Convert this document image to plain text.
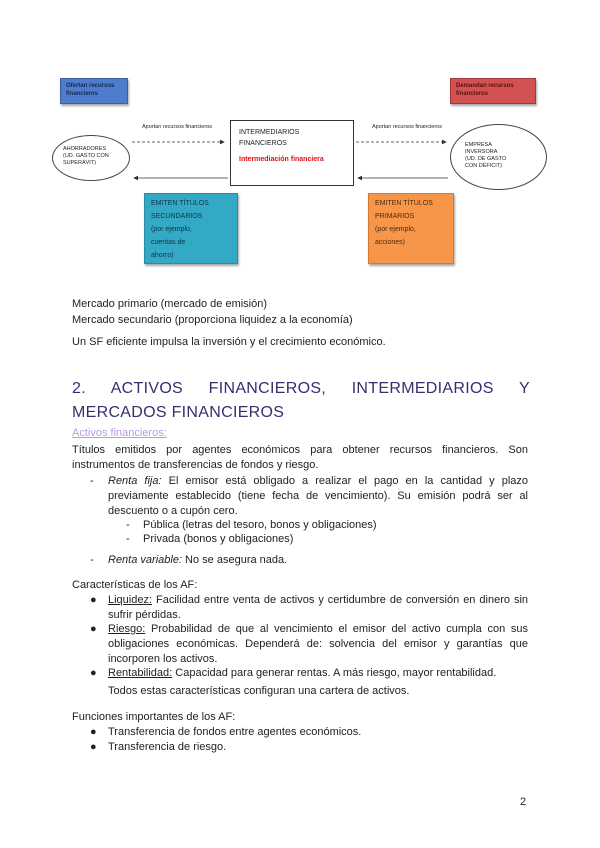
Ofertan recursos financieros
Demandan recursos financieros
AHORRADORES
(UD. GASTO CON
SUPERÁVIT)
EMPRESA
INVERSORA
(UD. DE GASTO
CON DÉFICIT)
INTERMEDIARIOS
FINANCIEROS
Intermediación financiera
Aportan recursos financieros	Aportan recursos financieros
EMITEN TÍTULOS
SECUNDARIOS
(por ejemplo,
cuentas de
ahorro)
EMITEN TÍTULOS
PRIMARIOS
(por ejemplo,
acciones)
Mercado primario (mercado de emisión)
Mercado secundario (proporciona liquidez a la economía)
Un SF eficiente impulsa la inversión y el crecimiento económico.
2. ACTIVOS FINANCIEROS, INTERMEDIARIOS Y MERCADOS FINANCIEROS
Activos financieros:
Títulos emitidos por agentes económicos para obtener recursos financieros. Son instrumentos de transferencias de fondos y riesgo.
- Renta fija: El emisor está obligado a realizar el pago en la cantidad y plazo previamente establecido (tiene fecha de vencimiento). Su emisión podrá ser al descuento o a cupón cero.
- Pública (letras del tesoro, bonos y obligaciones)
- Privada (bonos y obligaciones)
- Renta variable: No se asegura nada.
Características de los AF:
● Liquidez: Facilidad entre venta de activos y certidumbre de conversión en dinero sin sufrir pérdidas.
● Riesgo: Probabilidad de que al vencimiento el emisor del activo cumpla con sus obligaciones económicas. Dependerá de: solvencia del emisor y garantías que incorporen los activos.
● Rentabilidad: Capacidad para generar rentas. A más riesgo, mayor rentabilidad.
Todos estas características configuran una cartera de activos.
Funciones importantes de los AF:
● Transferencia de fondos entre agentes económicos.
● Transferencia de riesgo.
2
